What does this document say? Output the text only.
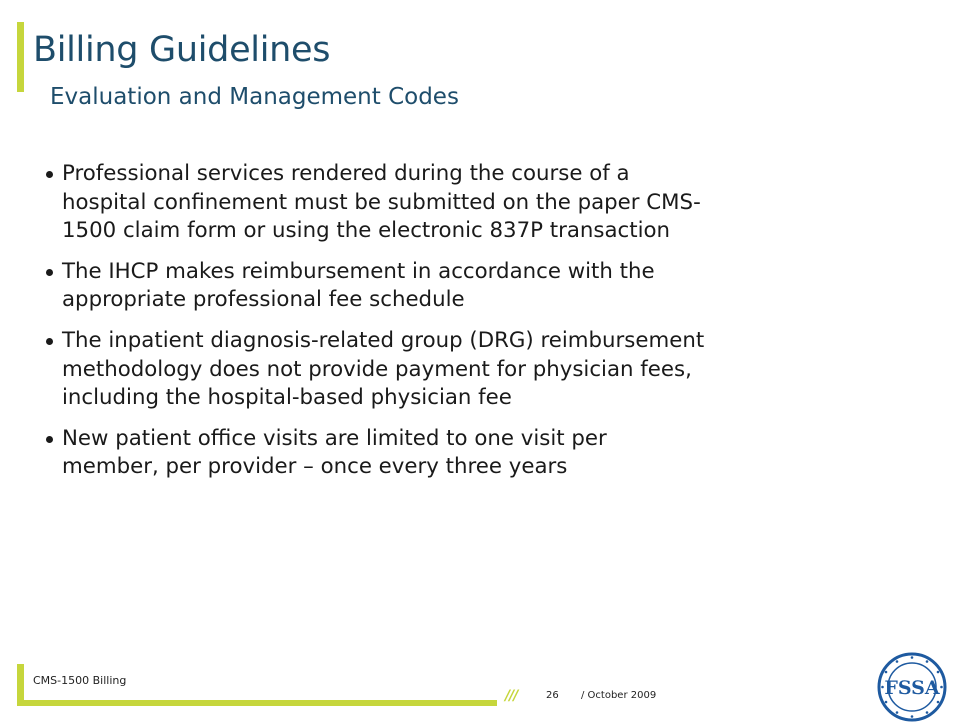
Billing Guidelines
Evaluation and Management Codes
Professional services rendered during the course of a hospital confinement must be submitted on the paper CMS-1500 claim form or using the electronic 837P transaction
The IHCP makes reimbursement in accordance with the appropriate professional fee schedule
The inpatient diagnosis-related group (DRG) reimbursement methodology does not provide payment for physician fees, including the hospital-based physician fee
New patient office visits are limited to one visit per member, per provider – once every three years
CMS-1500 Billing
///	26 / October 2009	FSSA
